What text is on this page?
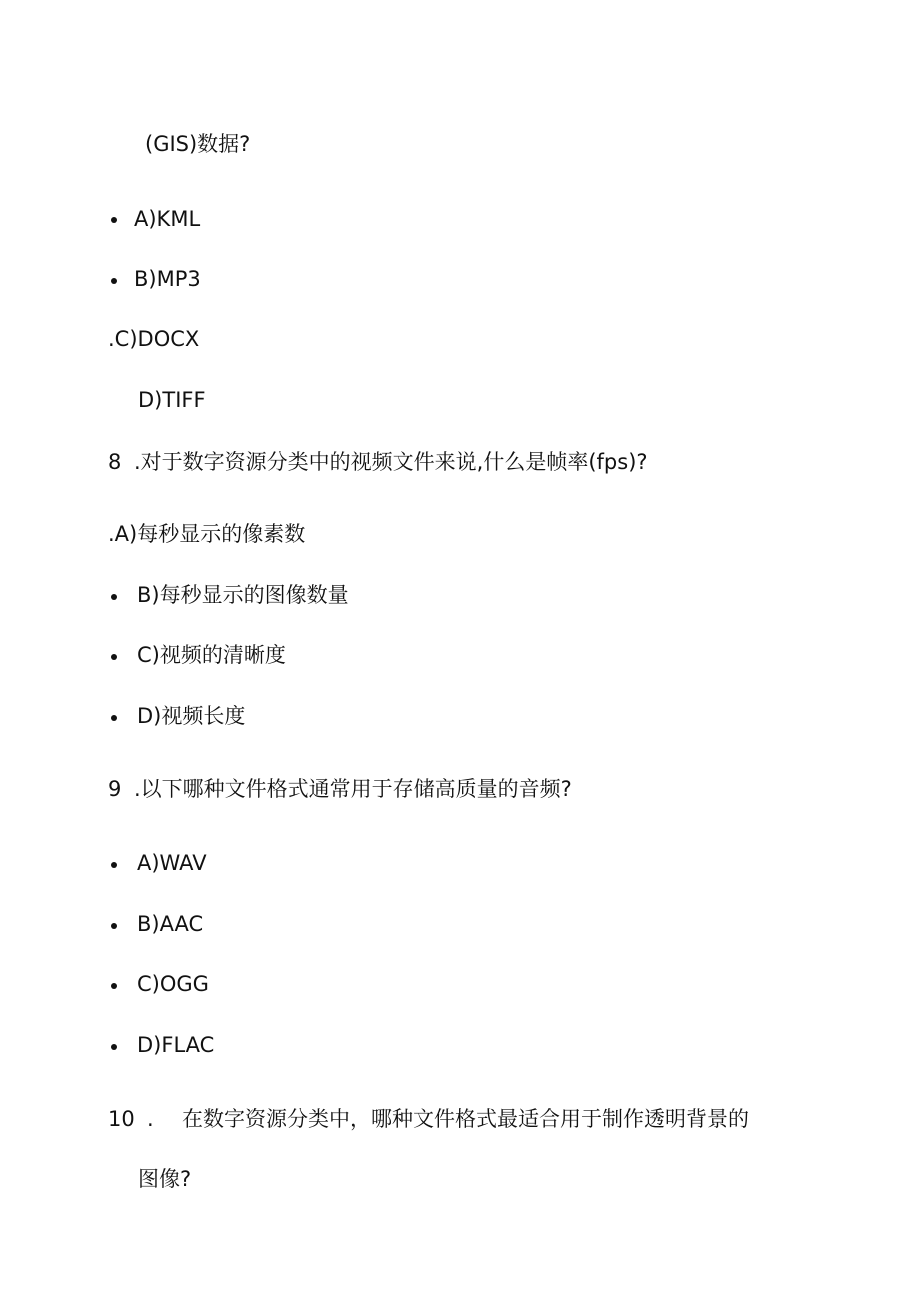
(GIS)数据?
A)KML
B)MP3
.C)DOCX
D)TIFF
8 .对于数字资源分类中的视频文件来说,什么是帧率(fps)?
.A)每秒显示的像素数
B)每秒显示的图像数量
C)视频的清晰度
D)视频长度
9 .以下哪种文件格式通常用于存储高质量的音频?
A)WAV
B)AAC
C)OGG
D)FLAC
10 . 在数字资源分类中，哪种文件格式最适合用于制作透明背景的
图像?
